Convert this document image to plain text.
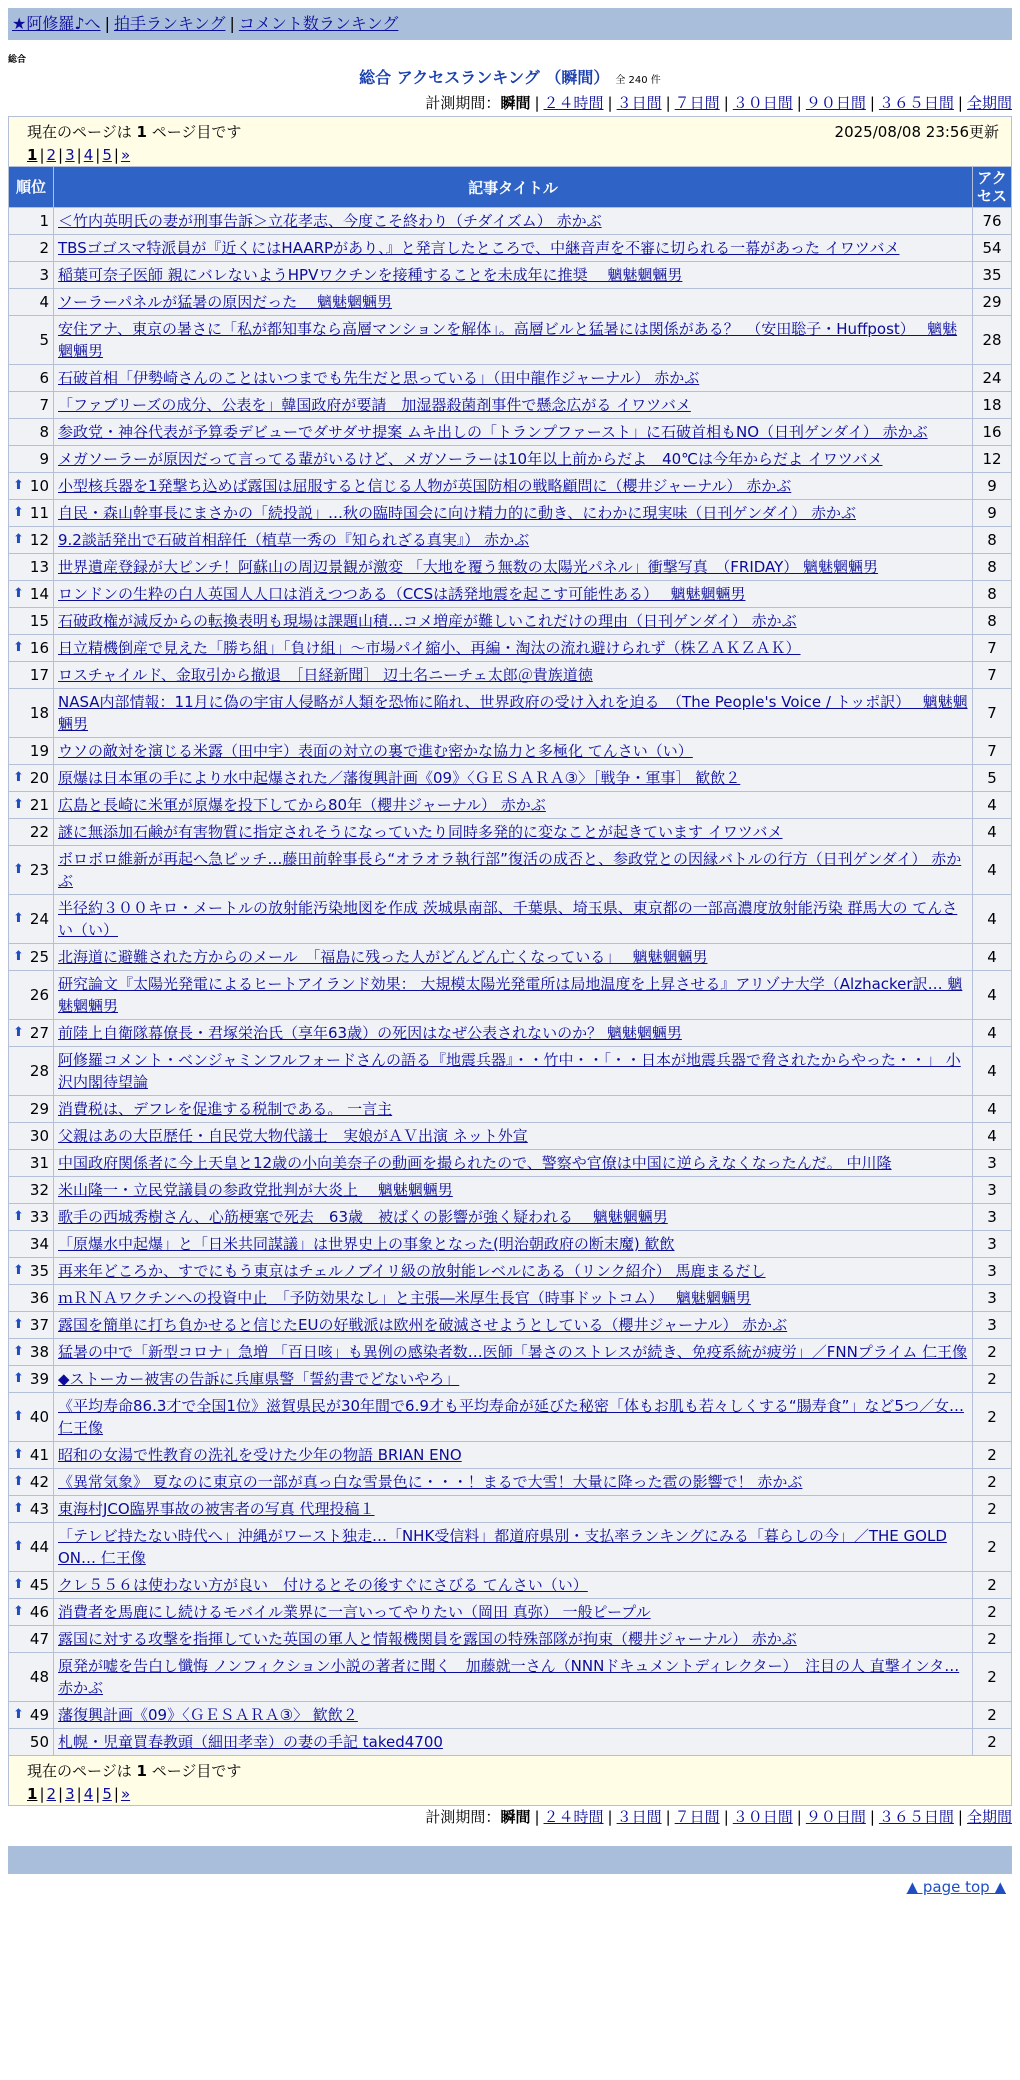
★阿修羅♪へ | 拍手ランキング | コメント数ランキング
総合
総合 アクセスランキング （瞬間） 全 240 件
計測期間：瞬間 | ２４時間 | ３日間 | ７日間 | ３０日間 | ９０日間 | ３６５日間 | 全期間
2025/08/08 23:56更新
現在のページは 1 ページ目です
1 | 2 | 3 | 4 | 5 | »		

順位	記事タイトル	アクセス
1	＜竹内英明氏の妻が刑事告訴＞立花孝志、今度こそ終わり（チダイズム） 赤かぶ	76
2	TBSゴゴスマ特派員が『近くにはHAARPがあり、』と発言したところで、中継音声を不審に切られる一幕があった イワツバメ	54
3	稲葉可奈子医師 親にバレないようHPVワクチンを接種することを未成年に推奨　 魑魅魍魎男	35
4	ソーラーパネルが猛暑の原因だった　 魑魅魍魎男	29
5	安住アナ、東京の暑さに「私が都知事なら高層マンションを解体」。高層ビルと猛暑には関係がある？　（安田聡子・Huffpost）　 魑魅魍魎男	28
6	石破首相「伊勢崎さんのことはいつまでも先生だと思っている」（田中龍作ジャーナル） 赤かぶ	24
7	「ファブリーズの成分、公表を」韓国政府が要請　加湿器殺菌剤事件で懸念広がる イワツバメ	18
8	参政党・神谷代表が予算委デビューでダサダサ提案 ムキ出しの「トランプファースト」に石破首相もNO（日刊ゲンダイ） 赤かぶ	16
9	メガソーラーが原因だって言ってる輩がいるけど、メガソーラーは10年以上前からだよ　40℃は今年からだよ イワツバメ	12

⬆ 10	小型核兵器を1発撃ち込めば露国は屈服すると信じる人物が英国防相の戦略顧問に（櫻井ジャーナル） 赤かぶ	9

⬆ 11	自民・森山幹事長にまさかの「続投説」…秋の臨時国会に向け精力的に動き、にわかに現実味（日刊ゲンダイ） 赤かぶ	9

⬆ 12	9.2談話発出で石破首相辞任（植草一秀の『知られざる真実』） 赤かぶ	8
13	世界遺産登録が大ピンチ！阿蘇山の周辺景観が激変 「大地を覆う無数の太陽光パネル」衝撃写真　（FRIDAY） 魑魅魍魎男	8

⬆ 14	ロンドンの生粋の白人英国人人口は消えつつある（CCSは誘発地震を起こす可能性ある）　 魑魅魍魎男	8
15	石破政権が減反からの転換表明も現場は課題山積…コメ増産が難しいこれだけの理由（日刊ゲンダイ） 赤かぶ	8

⬆ 16	日立精機倒産で見えた「勝ち組」「負け組」～市場パイ縮小、再編・淘汰の流れ避けられず（株ＺＡＫＺＡＫ）	7
17	ロスチャイルド、金取引から撤退　［日経新聞］ 辺土名ニーチェ太郎＠貴族道徳	7
18	NASA内部情報：11月に偽の宇宙人侵略が人類を恐怖に陥れ、世界政府の受け入れを迫る　（The People's Voice / トッポ訳）　 魑魅魍魎男	7
19	ウソの敵対を演じる米露（田中宇）表面の対立の裏で進む密かな協力と多極化 てんさい（い）	7

⬆ 20	原爆は日本軍の手により水中起爆された／藩復興計画《09》〈ＧＥＳＡＲＡ③〉［戦争・軍事］ 歓飲２	5

⬆ 21	広島と長崎に米軍が原爆を投下してから80年（櫻井ジャーナル） 赤かぶ	4
22	謎に無添加石鹸が有害物質に指定されそうになっていたり同時多発的に変なことが起きています イワツバメ	4

⬆ 23	ボロボロ維新が再起へ急ピッチ…藤田前幹事長ら“オラオラ執行部”復活の成否と、参政党との因縁バトルの行方（日刊ゲンダイ） 赤かぶ	4

⬆ 24	半径約３００キロ・メートルの放射能汚染地図を作成 茨城県南部、千葉県、埼玉県、東京都の一部高濃度放射能汚染 群馬大の てんさい（い）	4

⬆ 25	北海道に避難された方からのメール　「福島に残った人がどんどん亡くなっている」　 魑魅魍魎男	4
26	研究論文『太陽光発電によるヒートアイランド効果： 大規模太陽光発電所は局地温度を上昇させる』アリゾナ大学（Alzhacker訳… 魑魅魍魎男	4

⬆ 27	前陸上自衛隊幕僚長・君塚栄治氏（享年63歳）の死因はなぜ公表されないのか？ 魑魅魍魎男	4
28	阿修羅コメント・ベンジャミンフルフォードさんの語る『地震兵器』・・竹中・・「・・日本が地震兵器で脅されたからやった・・」 小沢内閣待望論	4
29	消費税は、デフレを促進する税制である。 一言主	4
30	父親はあの大臣歴任・自民党大物代議士　実娘がＡＶ出演 ネット外宣	4
31	中国政府関係者に今上天皇と12歳の小向美奈子の動画を撮られたので、警察や官僚は中国に逆らえなくなったんだ。 中川隆	3
32	米山隆一・立民党議員の参政党批判が大炎上　 魑魅魍魎男	3

⬆ 33	歌手の西城秀樹さん、心筋梗塞で死去　63歳　被ばくの影響が強く疑われる　 魑魅魍魎男	3
34	「原爆水中起爆」と「日米共同謀議」は世界史上の事象となった(明治朝政府の断末魔) 歓飲	3

⬆ 35	再来年どころか、すでにもう東京はチェルノブイリ級の放射能レベルにある（リンク紹介） 馬鹿まるだし	3
36	ｍＲＮＡワクチンへの投資中止　「予防効果なし」と主張―米厚生長官（時事ドットコム）　 魑魅魍魎男	3

⬆ 37	露国を簡単に打ち負かせると信じたEUの好戦派は欧州を破滅させようとしている（櫻井ジャーナル） 赤かぶ	3

⬆ 38	猛暑の中で「新型コロナ」急増 「百日咳」も異例の感染者数…医師「暑さのストレスが続き、免疫系統が疲労」／FNNプライム 仁王像	2

⬆ 39	◆ストーカー被害の告訴に兵庫県警「誓約書でどないやろ」	2

⬆ 40	《平均寿命86.3才で全国1位》滋賀県民が30年間で6.9才も平均寿命が延びた秘密「体もお肌も若々しくする“腸寿食”」など5つ／女… 仁王像	2

⬆ 41	昭和の女湯で性教育の洗礼を受けた少年の物語 BRIAN ENO	2

⬆ 42	《異常気象》 夏なのに東京の一部が真っ白な雪景色に・・・！まるで大雪！大量に降った雹の影響で！ 赤かぶ	2

⬆ 43	東海村JCO臨界事故の被害者の写真 代理投稿１	2

⬆ 44	「テレビ持たない時代へ」沖縄がワースト独走…「NHK受信料」都道府県別・支払率ランキングにみる「暮らしの今」／THE GOLD ON… 仁王像	2

⬆ 45	クレ５５６は使わない方が良い　付けるとその後すぐにさびる てんさい（い）	2

⬆ 46	消費者を馬鹿にし続けるモバイル業界に一言いってやりたい（岡田 真弥） 一般ピープル	2
47	露国に対する攻撃を指揮していた英国の軍人と情報機関員を露国の特殊部隊が拘束（櫻井ジャーナル） 赤かぶ	2
48	原発が嘘を告白し懺悔 ノンフィクション小説の著者に聞く　加藤就一さん（NNNドキュメントディレクター）　注目の人 直撃インタ… 赤かぶ	2

⬆ 49	藩復興計画《09》〈ＧＥＳＡＲＡ③〉 歓飲２	2
50	札幌・児童買春教頭（細田孝幸）の妻の手記 taked4700	2
現在のページは 1 ページ目です
1 | 2 | 3 | 4 | 5 | »		
計測期間：瞬間 | ２４時間 | ３日間 | ７日間 | ３０日間 | ９０日間 | ３６５日間 | 全期間
▲ page top ▲
